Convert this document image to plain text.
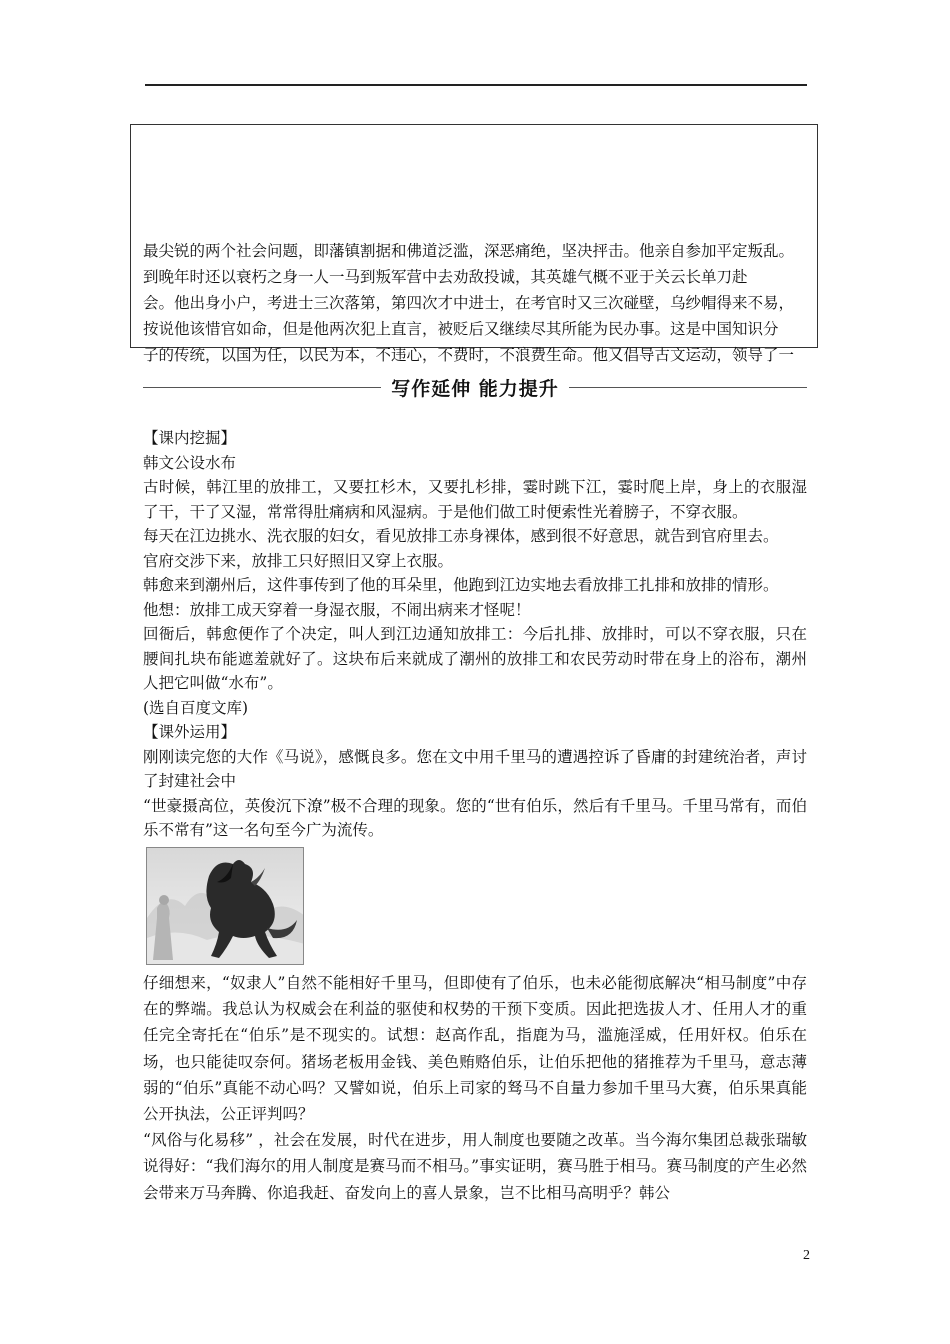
最尖锐的两个社会问题，即藩镇割据和佛道泛滥，深恶痛绝，坚决抨击。他亲自参加平定叛乱。

到晚年时还以衰朽之身一人一马到叛军营中去劝敌投诚，其英雄气概不亚于关云长单刀赴

会。他出身小户，考进士三次落第，第四次才中进士，在考官时又三次碰壁，乌纱帽得来不易，

按说他该惜官如命，但是他两次犯上直言，被贬后又继续尽其所能为民办事。这是中国知识分

子的传统，以国为任，以民为本，不违心，不费时，不浪费生命。他又倡导古文运动，领导了一

写作延伸 能力提升

【课内挖掘】

韩文公设水布

古时候，韩江里的放排工，又要扛杉木，又要扎杉排，霎时跳下江，霎时爬上岸，身上的衣服湿了干，干了又湿，常常得肚痛病和风湿病。于是他们做工时便索性光着膀子，不穿衣服。

每天在江边挑水、洗衣服的妇女，看见放排工赤身裸体，感到很不好意思，就告到官府里去。

官府交涉下来，放排工只好照旧又穿上衣服。

韩愈来到潮州后，这件事传到了他的耳朵里，他跑到江边实地去看放排工扎排和放排的情形。

他想：放排工成天穿着一身湿衣服，不闹出病来才怪呢！

回衙后，韩愈便作了个决定，叫人到江边通知放排工：今后扎排、放排时，可以不穿衣服，只在腰间扎块布能遮羞就好了。这块布后来就成了潮州的放排工和农民劳动时带在身上的浴布，潮州人把它叫做“水布”。

(选自百度文库)

【课外运用】

刚刚读完您的大作《马说》，感慨良多。您在文中用千里马的遭遇控诉了昏庸的封建统治者，声讨了封建社会中

“世豪摄高位，英俊沉下潦”极不合理的现象。您的“世有伯乐，然后有千里马。千里马常有，而伯乐不常有”这一名句至今广为流传。

仔细想来，“奴隶人”自然不能相好千里马，但即使有了伯乐，也未必能彻底解决“相马制度”中存在的弊端。我总认为权威会在利益的驱使和权势的干预下变质。因此把选拔人才、任用人才的重任完全寄托在“伯乐”是不现实的。试想：赵高作乱，指鹿为马，滥施淫威，任用奸权。伯乐在场，也只能徒叹奈何。猪场老板用金钱、美色贿赂伯乐，让伯乐把他的猪推荐为千里马，意志薄弱的“伯乐”真能不动心吗？又譬如说，伯乐上司家的驽马不自量力参加千里马大赛，伯乐果真能公开执法，公正评判吗？

“风俗与化易移” ，社会在发展，时代在进步，用人制度也要随之改革。当今海尔集团总裁张瑞敏说得好：“我们海尔的用人制度是赛马而不相马。”事实证明，赛马胜于相马。赛马制度的产生必然会带来万马奔腾、你追我赶、奋发向上的喜人景象，岂不比相马高明乎？韩公

2
